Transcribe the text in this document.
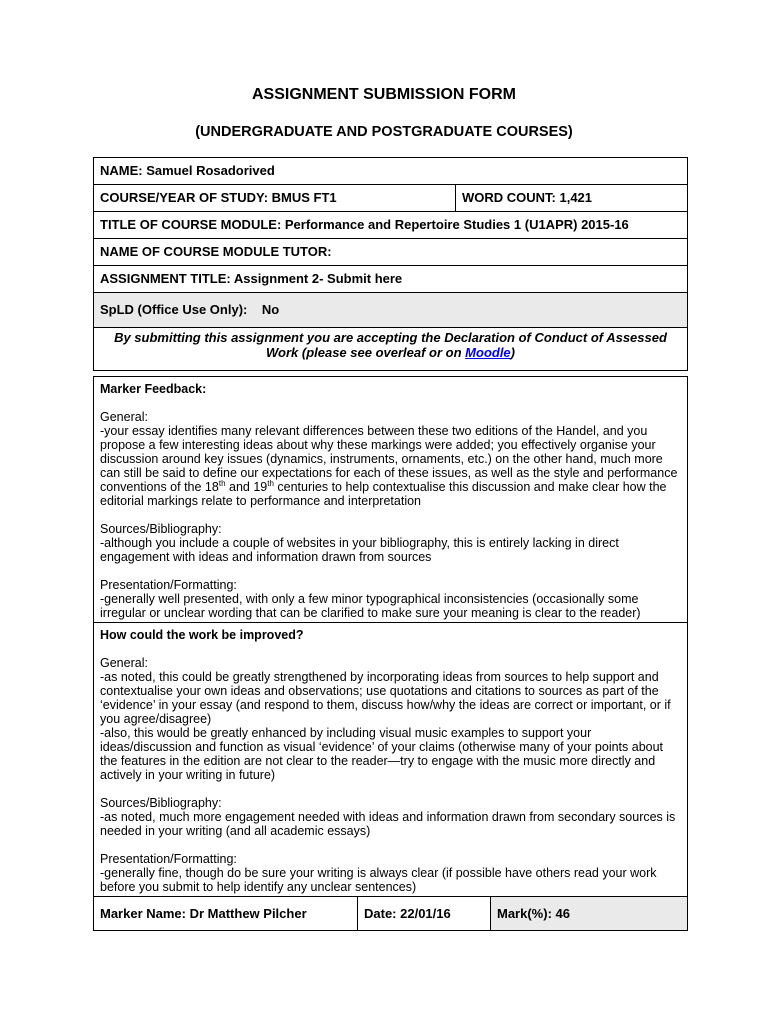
ASSIGNMENT SUBMISSION FORM
(UNDERGRADUATE AND POSTGRADUATE COURSES)
NAME: Samuel Rosadorived
COURSE/YEAR OF STUDY: BMUS FT1	WORD COUNT: 1,421
TITLE OF COURSE MODULE: Performance and Repertoire Studies 1 (U1APR) 2015-16
NAME OF COURSE MODULE TUTOR:
ASSIGNMENT TITLE: Assignment 2- Submit here
SpLD (Office Use Only): No
By submitting this assignment you are accepting the Declaration of Conduct of Assessed Work (please see overleaf or on Moodle)

Marker Feedback:

General:

-your essay identifies many relevant differences between these two editions of the Handel, and you propose a few interesting ideas about why these markings were added; you effectively organise your discussion around key issues (dynamics, instruments, ornaments, etc.) on the other hand, much more can still be said to define our expectations for each of these issues, as well as the style and performance conventions of the 18th and 19th centuries to help contextualise this discussion and make clear how the editorial markings relate to performance and interpretation

Sources/Bibliography:

-although you include a couple of websites in your bibliography, this is entirely lacking in direct engagement with ideas and information drawn from sources

Presentation/Formatting:

-generally well presented, with only a few minor typographical inconsistencies (occasionally some irregular or unclear wording that can be clarified to make sure your meaning is clear to the reader)

How could the work be improved?

General:

-as noted, this could be greatly strengthened by incorporating ideas from sources to help support and contextualise your own ideas and observations; use quotations and citations to sources as part of the ‘evidence’ in your essay (and respond to them, discuss how/why the ideas are correct or important, or if you agree/disagree)

-also, this would be greatly enhanced by including visual music examples to support your ideas/discussion and function as visual ‘evidence’ of your claims (otherwise many of your points about the features in the edition are not clear to the reader—try to engage with the music more directly and actively in your writing in future)

Sources/Bibliography:

-as noted, much more engagement needed with ideas and information drawn from secondary sources is needed in your writing (and all academic essays)

Presentation/Formatting:

-generally fine, though do be sure your writing is always clear (if possible have others read your work before you submit to help identify any unclear sentences)

Marker Name: Dr Matthew Pilcher	Date: 22/01/16	Mark(%): 46
